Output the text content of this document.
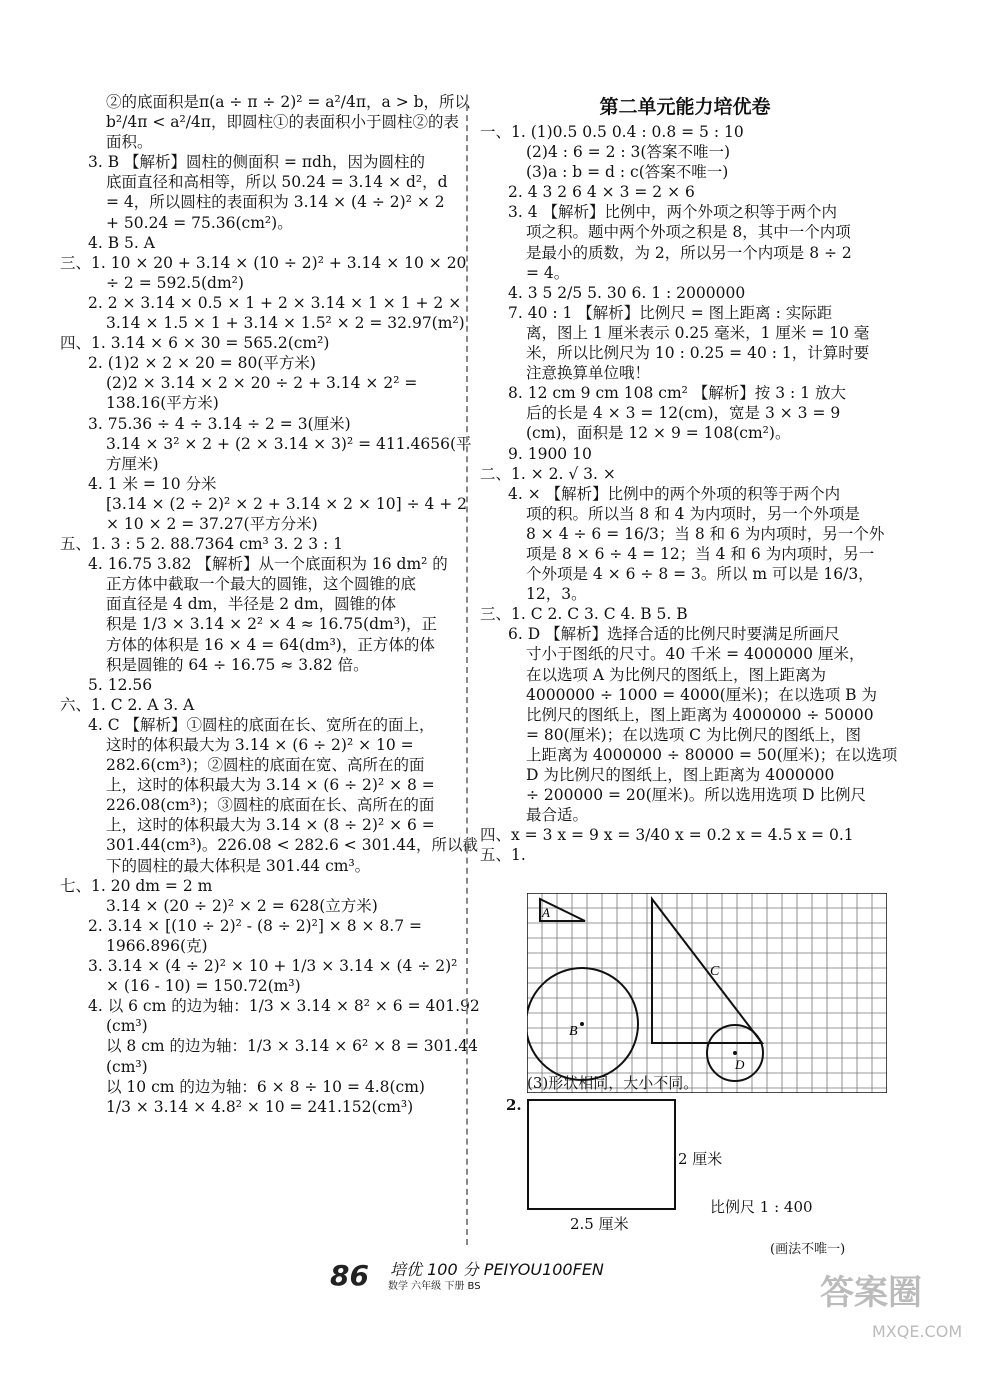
②的底面积是π(a ÷ π ÷ 2)² = a²/4π，a > b，所以
b²/4π < a²/4π，即圆柱①的表面积小于圆柱②的表
面积。
3. B 【解析】圆柱的侧面积 = πdh，因为圆柱的
底面直径和高相等，所以 50.24 = 3.14 × d²，d
= 4，所以圆柱的表面积为 3.14 × (4 ÷ 2)² × 2
+ 50.24 = 75.36(cm²)。
4. B 5. A
三、1. 10 × 20 + 3.14 × (10 ÷ 2)² + 3.14 × 10 × 20
÷ 2 = 592.5(dm²)
2. 2 × 3.14 × 0.5 × 1 + 2 × 3.14 × 1 × 1 + 2 ×
3.14 × 1.5 × 1 + 3.14 × 1.5² × 2 = 32.97(m²)
四、1. 3.14 × 6 × 30 = 565.2(cm²)
2. (1)2 × 2 × 20 = 80(平方米)
(2)2 × 3.14 × 2 × 20 ÷ 2 + 3.14 × 2² =
138.16(平方米)
3. 75.36 ÷ 4 ÷ 3.14 ÷ 2 = 3(厘米)
3.14 × 3² × 2 + (2 × 3.14 × 3)² = 411.4656(平
方厘米)
4. 1 米 = 10 分米
[3.14 × (2 ÷ 2)² × 2 + 3.14 × 2 × 10] ÷ 4 + 2
× 10 × 2 = 37.27(平方分米)
五、1. 3 : 5 2. 88.7364 cm³ 3. 2 3 : 1
4. 16.75 3.82 【解析】从一个底面积为 16 dm² 的
正方体中截取一个最大的圆锥，这个圆锥的底
面直径是 4 dm，半径是 2 dm，圆锥的体
积是 1/3 × 3.14 × 2² × 4 ≈ 16.75(dm³)，正
方体的体积是 16 × 4 = 64(dm³)，正方体的体
积是圆锥的 64 ÷ 16.75 ≈ 3.82 倍。
5. 12.56
六、1. C 2. A 3. A
4. C 【解析】①圆柱的底面在长、宽所在的面上，
这时的体积最大为 3.14 × (6 ÷ 2)² × 10 =
282.6(cm³)；②圆柱的底面在宽、高所在的面
上，这时的体积最大为 3.14 × (6 ÷ 2)² × 8 =
226.08(cm³)；③圆柱的底面在长、高所在的面
上，这时的体积最大为 3.14 × (8 ÷ 2)² × 6 =
301.44(cm³)。226.08 < 282.6 < 301.44，所以截
下的圆柱的最大体积是 301.44 cm³。
七、1. 20 dm = 2 m
3.14 × (20 ÷ 2)² × 2 = 628(立方米)
2. 3.14 × [(10 ÷ 2)² - (8 ÷ 2)²] × 8 × 8.7 =
1966.896(克)
3. 3.14 × (4 ÷ 2)² × 10 + 1/3 × 3.14 × (4 ÷ 2)²
× (16 - 10) = 150.72(m³)
4. 以 6 cm 的边为轴：1/3 × 3.14 × 8² × 6 = 401.92
(cm³)
以 8 cm 的边为轴：1/3 × 3.14 × 6² × 8 = 301.44
(cm³)
以 10 cm 的边为轴：6 × 8 ÷ 10 = 4.8(cm)
1/3 × 3.14 × 4.8² × 10 = 241.152(cm³)
第二单元能力培优卷
一、1. (1)0.5 0.5 0.4 : 0.8 = 5 : 10
(2)4 : 6 = 2 : 3(答案不唯一)
(3)a : b = d : c(答案不唯一)
2. 4 3 2 6 4 × 3 = 2 × 6
3. 4 【解析】比例中，两个外项之积等于两个内
项之积。题中两个外项之积是 8，其中一个内项
是最小的质数，为 2，所以另一个内项是 8 ÷ 2
= 4。
4. 3 5 2/5 5. 30 6. 1 : 2000000
7. 40 : 1 【解析】比例尺 = 图上距离 : 实际距
离，图上 1 厘米表示 0.25 毫米，1 厘米 = 10 毫
米，所以比例尺为 10 : 0.25 = 40 : 1，计算时要
注意换算单位哦！
8. 12 cm 9 cm 108 cm² 【解析】按 3 : 1 放大
后的长是 4 × 3 = 12(cm)，宽是 3 × 3 = 9
(cm)，面积是 12 × 9 = 108(cm²)。
9. 1900 10
二、1. × 2. √ 3. ×
4. × 【解析】比例中的两个外项的积等于两个内
项的积。所以当 8 和 4 为内项时，另一个外项是
8 × 4 ÷ 6 = 16/3；当 8 和 6 为内项时，另一个外
项是 8 × 6 ÷ 4 = 12；当 4 和 6 为内项时，另一
个外项是 4 × 6 ÷ 8 = 3。所以 m 可以是 16/3，
12，3。
三、1. C 2. C 3. C 4. B 5. B
6. D 【解析】选择合适的比例尺时要满足所画尺
寸小于图纸的尺寸。40 千米 = 4000000 厘米，
在以选项 A 为比例尺的图纸上，图上距离为
4000000 ÷ 1000 = 4000(厘米)；在以选项 B 为
比例尺的图纸上，图上距离为 4000000 ÷ 50000
= 80(厘米)；在以选项 C 为比例尺的图纸上，图
上距离为 4000000 ÷ 80000 = 50(厘米)；在以选项
D 为比例尺的图纸上，图上距离为 4000000
÷ 200000 = 20(厘米)。所以选用选项 D 比例尺
最合适。
四、x = 3 x = 9 x = 3/40 x = 0.2 x = 4.5 x = 0.1
五、1.
A
C
B
D
(3)形状相同，大小不同。
2.
2 厘米
2.5 厘米
比例尺 1 : 400
(画法不唯一)
86 培优 100 分 PEIYOU100FEN
数学 六年级 下册 BS	答案圈
MXQE.COM
